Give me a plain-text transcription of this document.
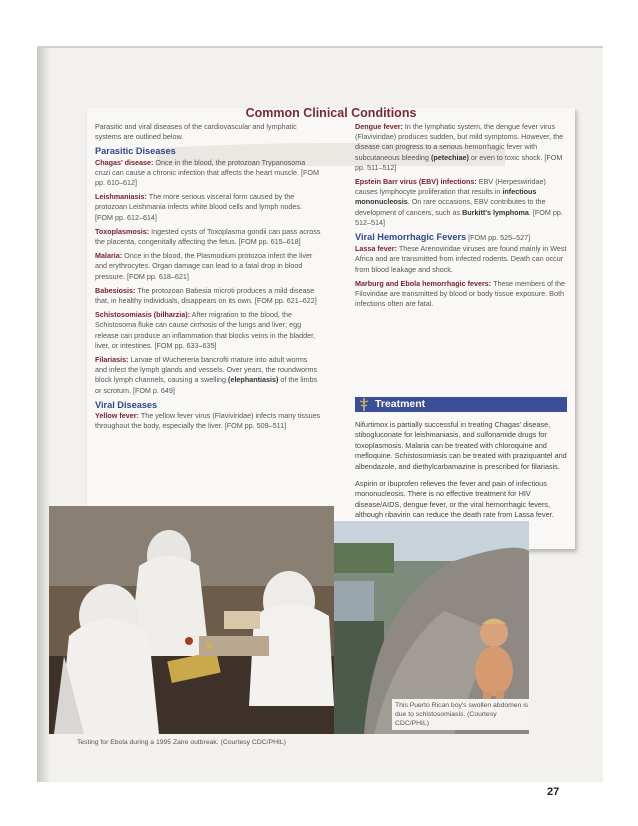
Common Clinical Conditions

Parasitic and viral diseases of the cardiovascular and lymphatic systems are outlined below.

Parasitic Diseases

Chagas' disease: Once in the blood, the protozoan Trypanosoma cruzi can cause a chronic infection that affects the heart muscle. [FOM pp. 610–612]

Leishmaniasis: The more serious visceral form caused by the protozoan Leishmania infects white blood cells and lymph nodes. [FOM pp. 612–614]

Toxoplasmosis: Ingested cysts of Toxoplasma gondii can pass across the placenta, congenitally affecting the fetus. [FOM pp. 615–618]

Malaria: Once in the blood, the Plasmodium protozoa infect the liver and erythrocytes. Organ damage can lead to a fatal drop in blood pressure. [FOM pp. 618–621]

Babesiosis: The protozoan Babesia microti produces a mild disease that, in healthy individuals, disappears on its own. [FOM pp. 621–622]

Schistosomiasis (bilharzia): After migration to the blood, the Schistosoma fluke can cause cirrhosis of the lungs and liver; egg release can produce an inflammation that blocks veins in the bladder, liver, or intestines. [FOM pp. 633–635]

Filariasis: Larvae of Wuchereria bancrofti mature into adult worms and infect the lymph glands and vessels. Over years, the roundworms block lymph channels, causing a swelling (elephantiasis) of the limbs or scrotum. [FOM p. 649]

Viral Diseases

Yellow fever: The yellow fever virus (Flaviviridae) infects many tissues throughout the body, especially the liver. [FOM pp. 509–511]

Dengue fever: In the lymphatic system, the dengue fever virus (Flaviviridae) produces sudden, but mild symptoms. However, the disease can progress to a serious hemorrhagic fever with subcutaneous bleeding (petechiae) or even to toxic shock. [FOM pp. 511–512]

Epstein Barr virus (EBV) infections: EBV (Herpeswiridae) causes lymphocyte proliferation that results in infectious mononucleosis. On rare occasions, EBV contributes to the development of cancers, such as Burkitt's lymphoma. [FOM pp. 512–514]

Viral Hemorrhagic Fevers [FOM pp. 525–527]

Lassa fever: These Arenoviridae viruses are found mainly in West Africa and are transmitted from infected rodents. Death can occur from blood leakage and shock.

Marburg and Ebola hemorrhagic fevers: These members of the Filoviridae are transmitted by blood or body tissue exposure. Both infections often are fatal.

Treatment

Nifurtimox is partially successful in treating Chagas' disease, stibogluconate for leishmaniasis, and sulfonamide drugs for toxoplasmosis. Malaria can be treated with chloroquine and mefloquine. Schistosomiasis can be treated with praziquantel and albendazole, and diethylcarbamazine is prescribed for filariasis.

Aspirin or ibuprofen relieves the fever and pain of infectious mononucleosis. There is no effective treatment for HIV disease/AIDS, dengue fever, or the viral hemorrhagic fevers, although ribavirin can reduce the death rate from Lassa fever.

This Puerto Rican boy's swollen abdomen is due to schistosomiasis. (Courtesy CDC/PHIL)
Testing for Ebola during a 1995 Zaire outbreak. (Courtesy CDC/PHIL)
27
